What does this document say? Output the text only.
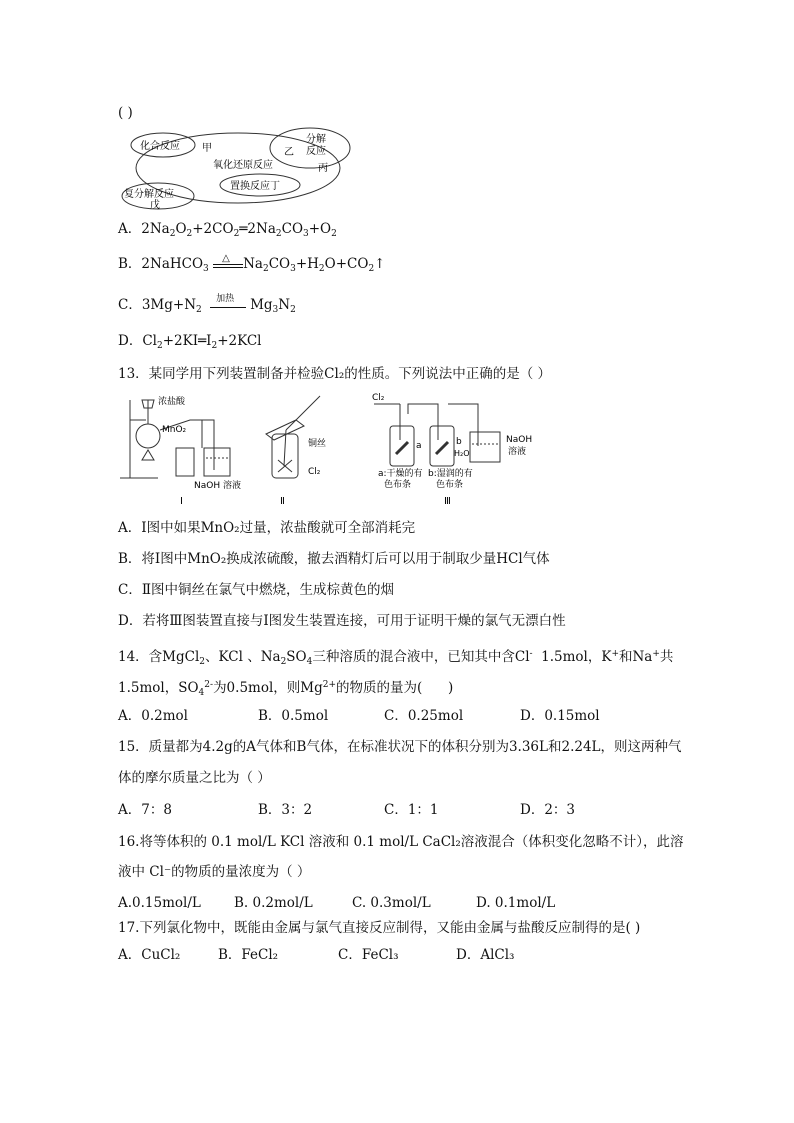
( )
化合反应 甲
氧化还原反应
分解
反应
乙
丙
置换反应丁
复分解反应
戊
A．$2Na_2O_2+2CO_2═2Na_2CO_3+O_2$
B．2NaHCO$_3$
△ $Na_2CO_3+H_2O+CO_2↑$
C．$3Mg+N_2$
加热 $Mg_3N_2$
D．$Cl_2+2KI═I_2+2KCl$
13．某同学用下列装置制备并检验Cl₂的性质。下列说法中正确的是（ ）
浓盐酸
MnO₂
NaOH 溶液
Ⅰ
铜丝
Cl₂
Ⅱ
Cl₂
a	b
H₂O
NaOH
溶液
a:干燥的有
色布条
b:湿润的有
色布条
Ⅲ
A．Ⅰ图中如果MnO₂过量，浓盐酸就可全部消耗完
B．将Ⅰ图中MnO₂换成浓硫酸，撤去酒精灯后可以用于制取少量HCl气体
C．Ⅱ图中铜丝在氯气中燃烧，生成棕黄色的烟
D．若将Ⅲ图装置直接与Ⅰ图发生装置连接，可用于证明干燥的氯气无漂白性
14．含MgCl$_2$、KCl 、$Na_2SO_4$三种溶质的混合液中，已知其中含Cl-  1.5mol，K+和Na+共
1.5mol，$SO_4^{2-}$为0.5mol，则$Mg^{2+}$的物质的量为(      )
A．0.2mol	B．0.5mol	C．0.25mol	D．0.15mol
15．质量都为4.2g的A气体和B气体，在标准状况下的体积分别为3.36L和2.24L，则这两种气
体的摩尔质量之比为（ ）
A．7：8	B．3：2	C．1：1	D．2：3
16.将等体积的 0.1 mol/L KCl 溶液和 0.1 mol/L CaCl₂溶液混合（体积变化忽略不计），此溶
液中 Cl⁻的物质的量浓度为（ ）
A.0.15mol/L B. 0.2mol/L	C. 0.3mol/L	D. 0.1mol/L
17.下列氯化物中，既能由金属与氯气直接反应制得，又能由金属与盐酸反应制得的是( )
A．CuCl₂	B．FeCl₂	C．FeCl₃	D．AlCl₃
